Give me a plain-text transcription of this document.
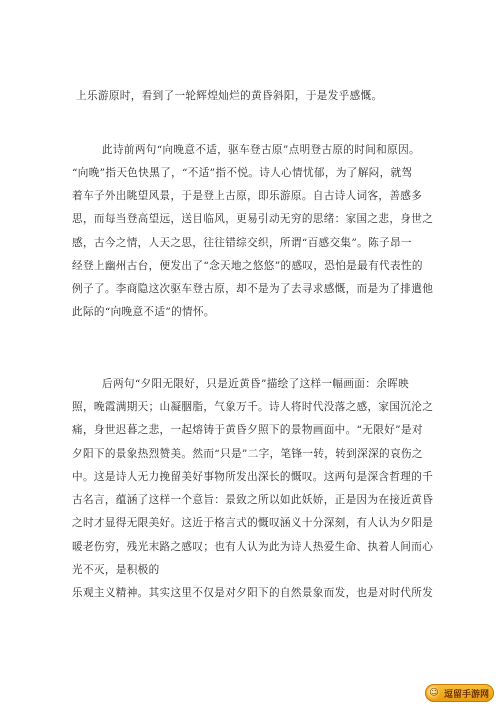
上乐游原时，看到了一轮辉煌灿烂的黄昏斜阳，于是发乎感慨。
此诗前两句“向晚意不适，驱车登古原”点明登古原的时间和原因。
“向晚”指天色快黑了，“不适”指不悦。诗人心情忧郁，为了解闷，就驾
着车子外出眺望风景，于是登上古原，即乐游原。自古诗人词客，善感多
思，而每当登高望远，送目临风，更易引动无穷的思绪：家国之悲，身世之
感，古今之情，人天之思，往往错综交织，所谓“百感交集”。陈子昂一
经登上幽州古台，便发出了“念天地之悠悠”的感叹，恐怕是最有代表性的
例子了。李商隐这次驱车登古原，却不是为了去寻求感慨，而是为了排遣他
此际的“向晚意不适”的情怀。
后两句“夕阳无限好，只是近黄昏”描绘了这样一幅画面：余晖映
照，晚霞满期天；山凝胭脂，气象万千。诗人将时代没落之感，家国沉沦之
痛，身世迟暮之悲，一起熔铸于黄昏夕照下的景物画面中。“无限好”是对
夕阳下的景象热烈赞美。然而“只是”二字，笔锋一转，转到深深的哀伤之
中。这是诗人无力挽留美好事物所发出深长的慨叹。这两句是深含哲理的千
古名言，蕴涵了这样一个意旨：景致之所以如此妖娇，正是因为在接近黄昏
之时才显得无限美好。这近于格言式的慨叹涵义十分深刻，有人认为夕阳是
暖老伤穷，残光末路之感叹；也有人认为此为诗人热爱生命、执着人间而心
光不灭，是积极的
乐观主义精神。其实这里不仅是对夕阳下的自然景象而发，也是对时代所发
☺ 逗留手游网
